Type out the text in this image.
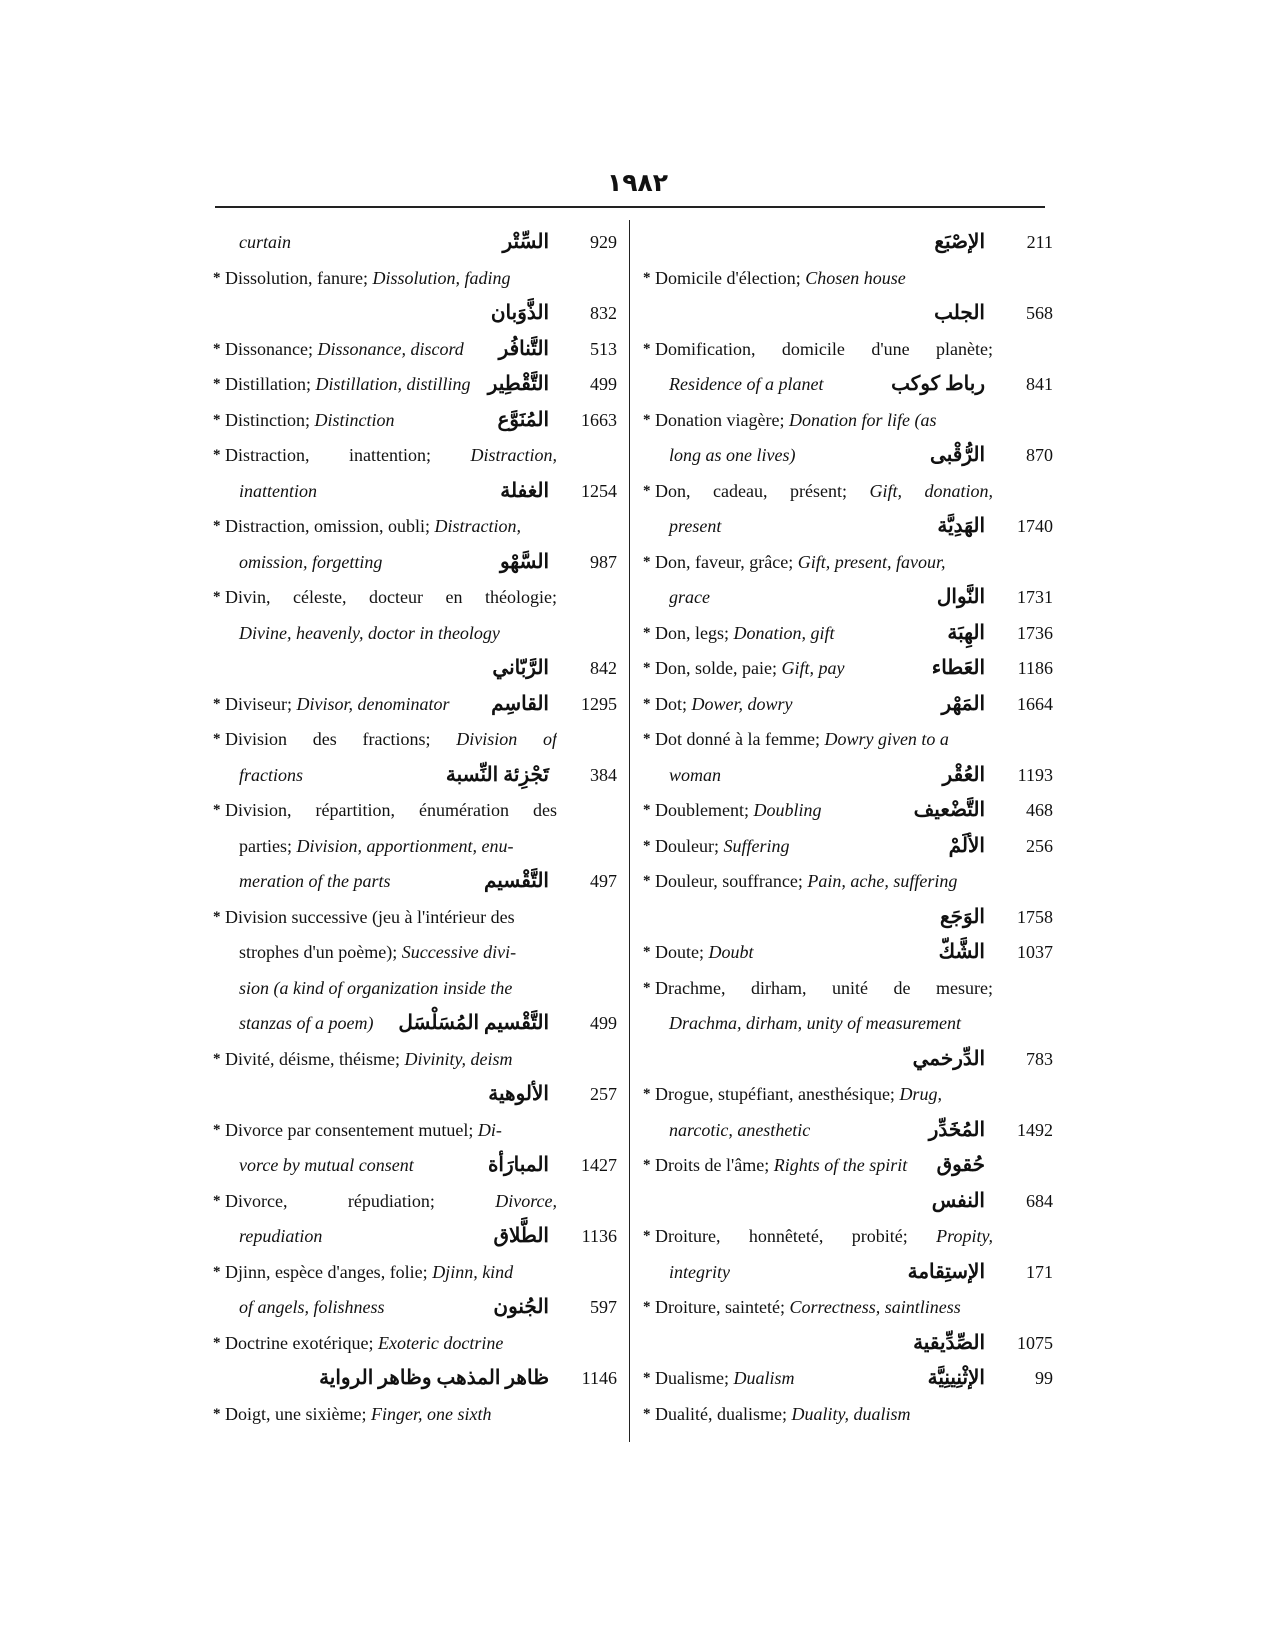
١٩٨٢
curtain	السِّتْر	929
* Dissolution, fanure; Dissolution, fading
الذَّوَبان	832
* Dissonance; Dissonance, discord التَّنافُر	513
* Distillation; Distillation, distilling التَّقْطِير	499
* Distinction; Distinction	المُنَوَّع	1663
* Distraction, inattention; Distraction,
inattention	الغفلة	1254
* Distraction, omission, oubli; Distraction,
omission, forgetting	السَّهْو	987
* Divin, céleste, docteur en théologie;
Divine, heavenly, doctor in theology
الرَّبّاني	842
* Diviseur; Divisor, denominator القاسِم	1295
* Division des fractions; Division of
fractions	تَجْزِئة النِّسبة	384
* Division, répartition, énumération des
parties; Division, apportionment, enu-
meration of the parts	التَّقْسيم	497
* Division successive (jeu à l'intérieur des
strophes d'un poème); Successive divi-
sion (a kind of organization inside the
stanzas of a poem) التَّقْسيم المُسَلْسَل	499
* Divité, déisme, théisme; Divinity, deism
الألوهية	257
* Divorce par consentement mutuel; Di-
vorce by mutual consent	المبارَأة	1427
* Divorce, répudiation;	Divorce,
repudiation	الطَّلاق	1136
* Djinn, espèce d'anges, folie; Djinn, kind
of angels, folishness	الجُنون	597
* Doctrine exotérique; Exoteric doctrine
ظاهر المذهب وظاهر الرواية	1146
* Doigt, une sixième; Finger, one sixth
الإصْبَع	211
* Domicile d'élection; Chosen house
الجلب	568
* Domification, domicile d'une planète;
Residence of a planet	رباط كوكب	841
* Donation viagère; Donation for life (as
long as one lives)	الرُّقْبى	870
* Don, cadeau, présent; Gift, donation,
present	الهَدِيَّة	1740
* Don, faveur, grâce; Gift, present, favour,
grace	النَّوال	1731
* Don, legs; Donation, gift	الهِبَة	1736
* Don, solde, paie; Gift, pay	العَطاء	1186
* Dot; Dower, dowry	المَهْر	1664
* Dot donné à la femme; Dowry given to a
woman	العُقْر	1193
* Doublement; Doubling	التَّضْعيف	468
* Douleur; Suffering	الألَمْ	256
* Douleur, souffrance; Pain, ache, suffering
الوَجَع	1758
* Doute; Doubt	الشَّكّ	1037
* Drachme, dirham, unité de mesure;
Drachma, dirham, unity of measurement
الدِّرخمي	783
* Drogue, stupéfiant, anesthésique; Drug,
narcotic, anesthetic	المُخَدِّر	1492
* Droits de l'âme; Rights of the spirit حُقوق
النفس	684
* Droiture, honnêteté, probité; Propity,
integrity	الإستِقامة	171
* Droiture, sainteté; Correctness, saintliness
الصِّدِّيقية	1075
* Dualisme; Dualism	الإثْنِينِيَّة	99
* Dualité, dualisme; Duality, dualism
